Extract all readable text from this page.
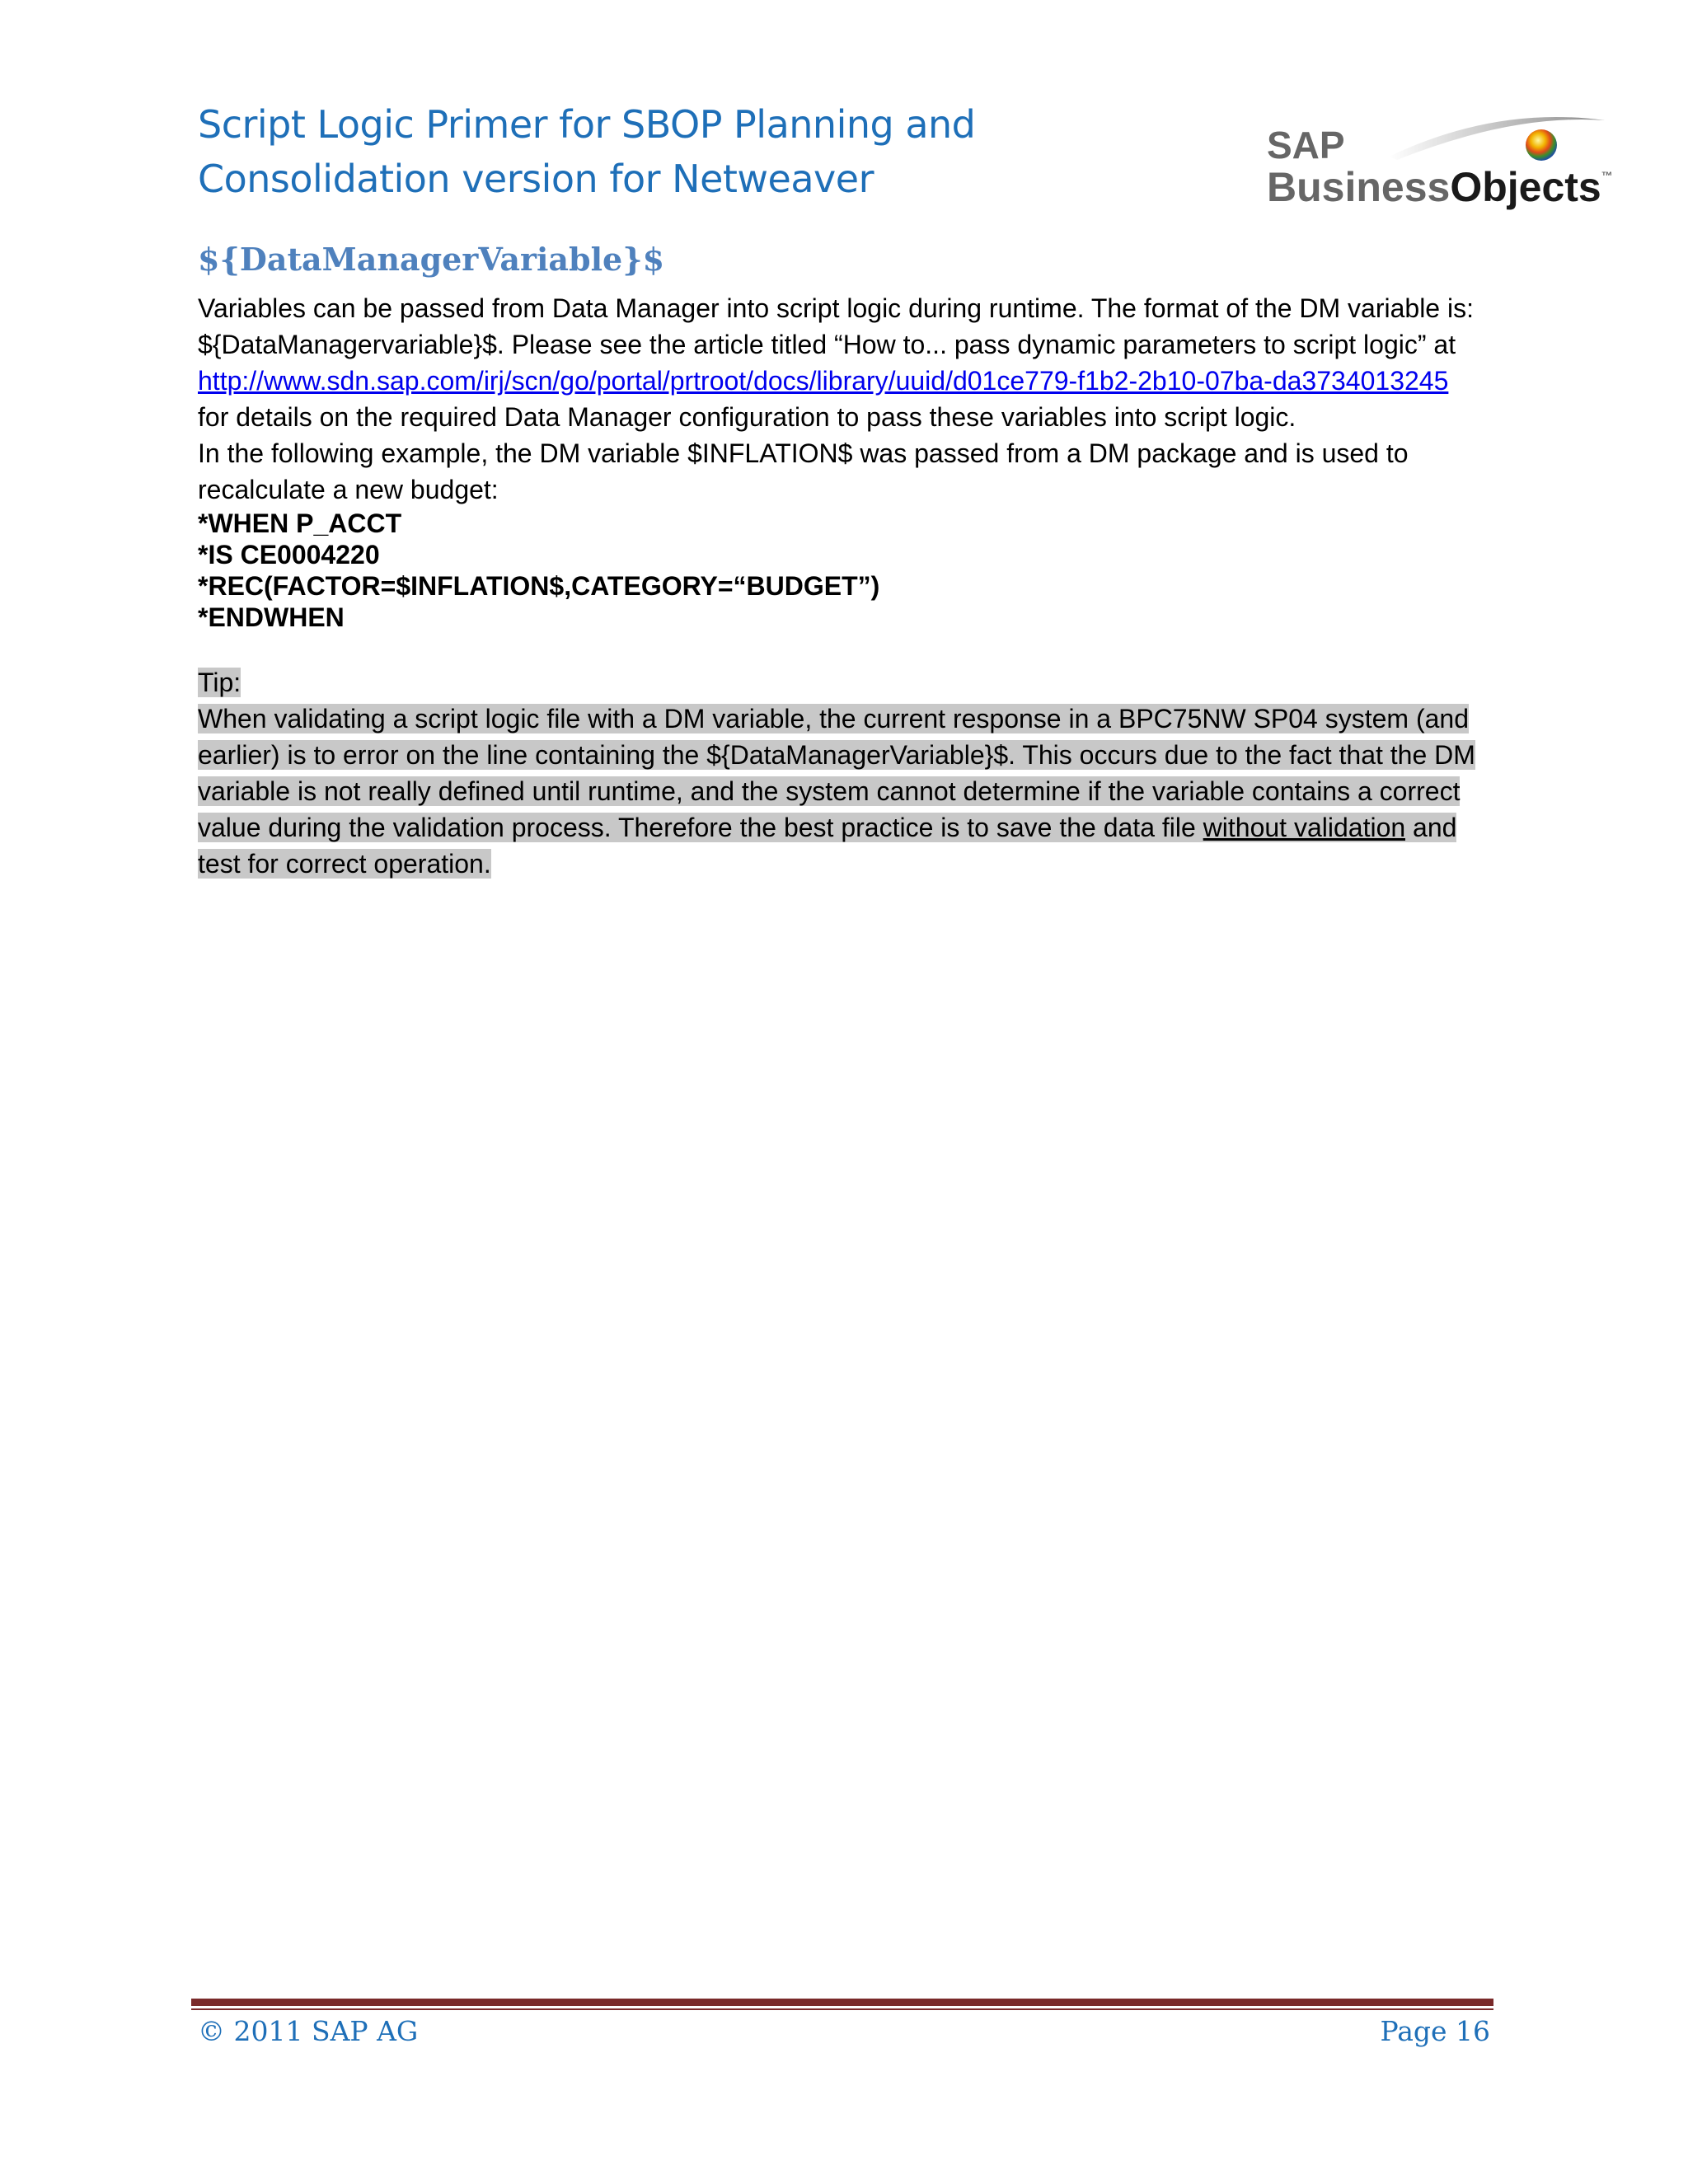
Script Logic Primer for SBOP Planning and
Consolidation version for Netweaver
SAP
BusinessObjects™
${DataManagerVariable}$

Variables can be passed from Data Manager into script logic during runtime. The format of the DM variable is: ${DataManagervariable}$. Please see the article titled “How to... pass dynamic parameters to script logic” at http://www.sdn.sap.com/irj/scn/go/portal/prtroot/docs/library/uuid/d01ce779-f1b2-2b10-07ba-da3734013245 for details on the required Data Manager configuration to pass these variables into script logic.

In the following example, the DM variable $INFLATION$ was passed from a DM package and is used to recalculate a new budget:

*WHEN P_ACCT
*IS CE0004220
*REC(FACTOR=$INFLATION$,CATEGORY=“BUDGET”)
*ENDWHEN

Tip:

When validating a script logic file with a DM variable, the current response in a BPC75NW SP04 system (and earlier) is to error on the line containing the ${DataManagerVariable}$. This occurs due to the fact that the DM variable is not really defined until runtime, and the system cannot determine if the variable contains a correct value during the validation process. Therefore the best practice is to save the data file without validation and test for correct operation.

© 2011 SAP AG	Page 16
